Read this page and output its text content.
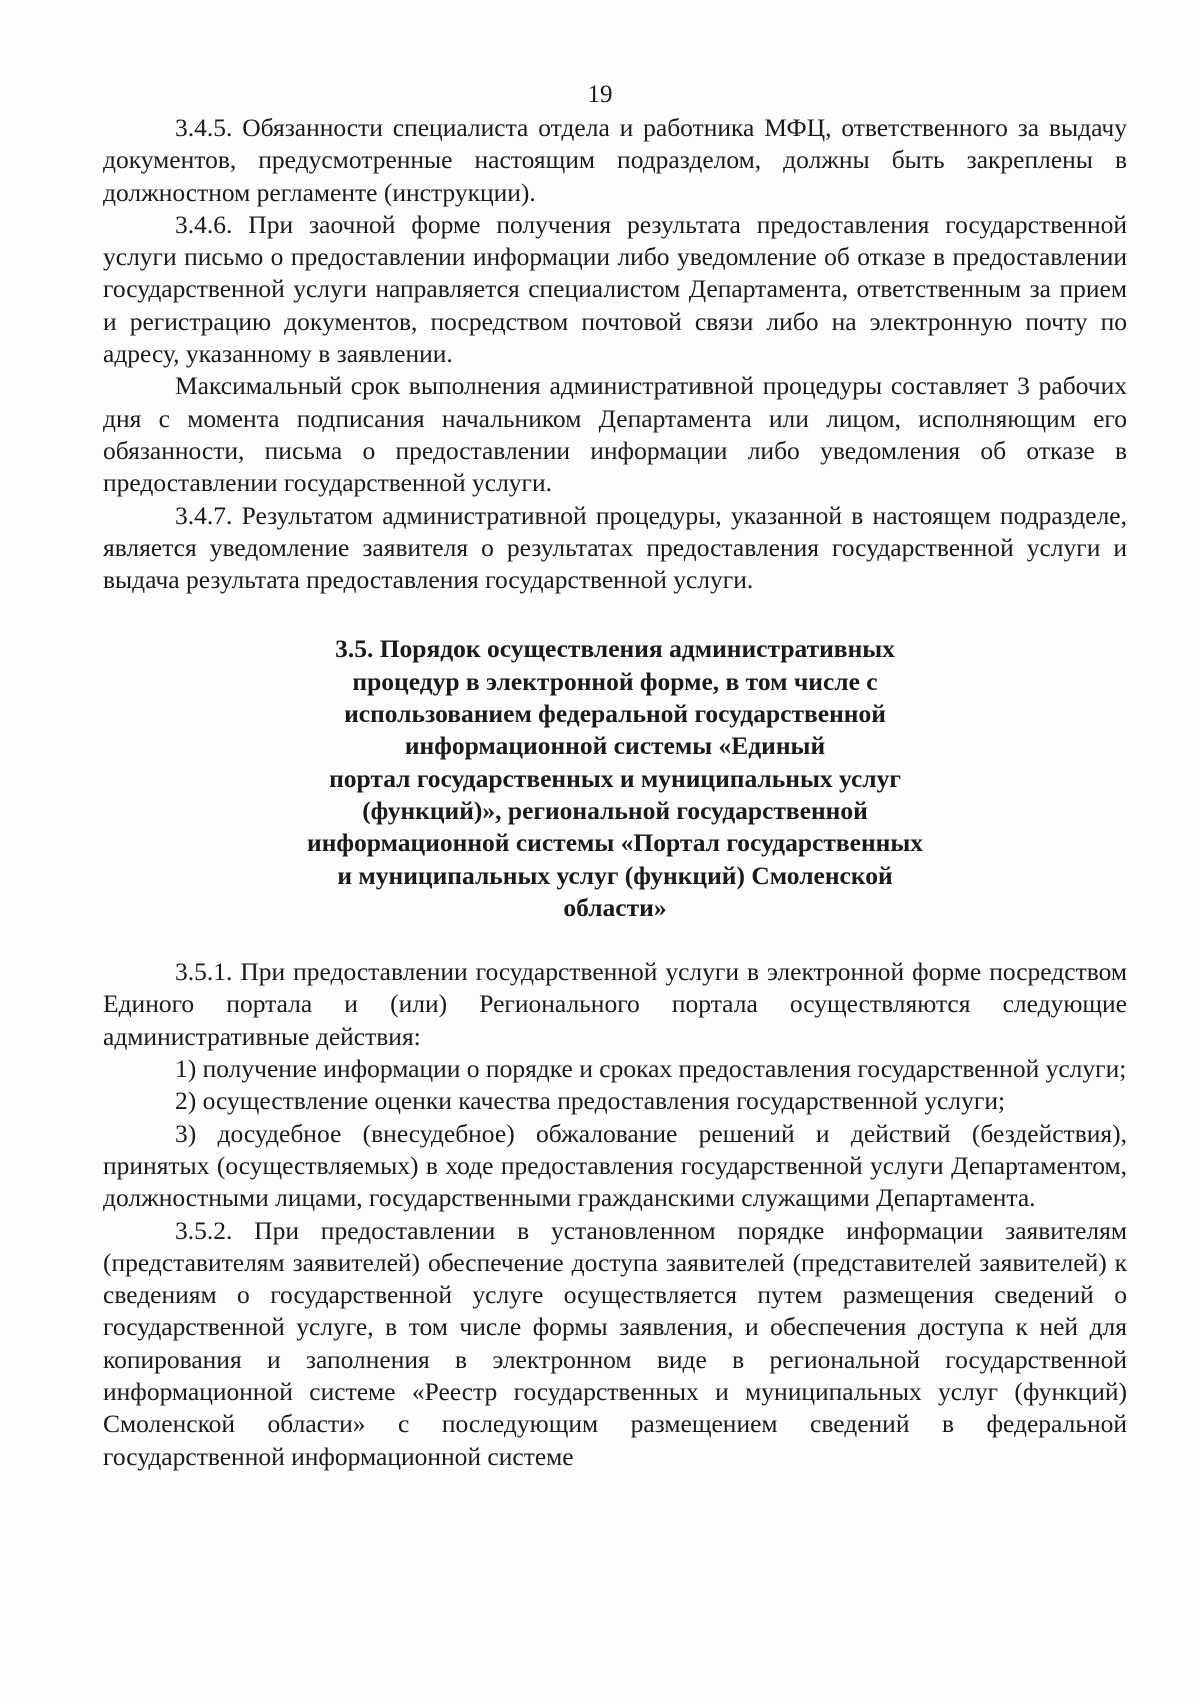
19

3.4.5. Обязанности специалиста отдела и работника МФЦ, ответственного за выдачу документов, предусмотренные настоящим подразделом, должны быть закреплены в должностном регламенте (инструкции).

3.4.6. При заочной форме получения результата предоставления государственной услуги письмо о предоставлении информации либо уведомление об отказе в предоставлении государственной услуги направляется специалистом Департамента, ответственным за прием и регистрацию документов, посредством почтовой связи либо на электронную почту по адресу, указанному в заявлении.

Максимальный срок выполнения административной процедуры составляет 3 рабочих дня с момента подписания начальником Департамента или лицом, исполняющим его обязанности, письма о предоставлении информации либо уведомления об отказе в предоставлении государственной услуги.

3.4.7. Результатом административной процедуры, указанной в настоящем подразделе, является уведомление заявителя о результатах предоставления государственной услуги и выдача результата предоставления государственной услуги.

3.5. Порядок осуществления административных
процедур в электронной форме, в том числе с
использованием федеральной государственной
информационной системы «Единый
портал государственных и муниципальных услуг
(функций)», региональной государственной
информационной системы «Портал государственных
и муниципальных услуг (функций) Смоленской
области»

3.5.1. При предоставлении государственной услуги в электронной форме посредством Единого портала и (или) Регионального портала осуществляются следующие административные действия:

1) получение информации о порядке и сроках предоставления государственной услуги;

2) осуществление оценки качества предоставления государственной услуги;

3) досудебное (внесудебное) обжалование решений и действий (бездействия), принятых (осуществляемых) в ходе предоставления государственной услуги Департаментом, должностными лицами, государственными гражданскими служащими Департамента.

3.5.2. При предоставлении в установленном порядке информации заявителям (представителям заявителей) обеспечение доступа заявителей (представителей заявителей) к сведениям о государственной услуге осуществляется путем размещения сведений о государственной услуге, в том числе формы заявления, и обеспечения доступа к ней для копирования и заполнения в электронном виде в региональной государственной информационной системе «Реестр государственных и муниципальных услуг (функций) Смоленской области» с последующим размещением сведений в федеральной государственной информационной системе
